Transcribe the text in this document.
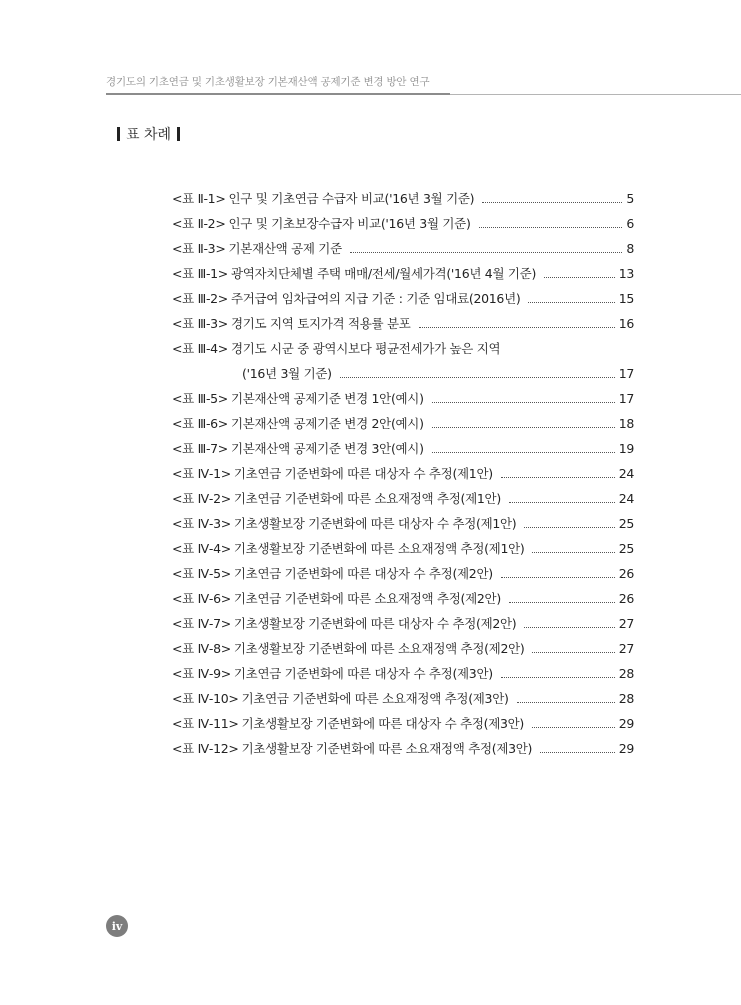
경기도의 기초연금 및 기초생활보장 기본재산액 공제기준 변경 방안 연구
표 차례
<표 Ⅱ-1> 인구 및 기초연금 수급자 비교('16년 3월 기준)	5
<표 Ⅱ-2> 인구 및 기초보장수급자 비교('16년 3월 기준)	6
<표 Ⅱ-3> 기본재산액 공제 기준	8
<표 Ⅲ-1> 광역자치단체별 주택 매매/전세/월세가격('16년 4월 기준)	13
<표 Ⅲ-2> 주거급여 임차급여의 지급 기준 : 기준 임대료(2016년)	15
<표 Ⅲ-3> 경기도 지역 토지가격 적용률 분포	16
<표 Ⅲ-4> 경기도 시군 중 광역시보다 평균전세가가 높은 지역
('16년 3월 기준)	17
<표 Ⅲ-5> 기본재산액 공제기준 변경 1안(예시)	17
<표 Ⅲ-6> 기본재산액 공제기준 변경 2안(예시)	18
<표 Ⅲ-7> 기본재산액 공제기준 변경 3안(예시)	19
<표 Ⅳ-1> 기초연금 기준변화에 따른 대상자 수 추정(제1안)	24
<표 Ⅳ-2> 기초연금 기준변화에 따른 소요재정액 추정(제1안)	24
<표 Ⅳ-3> 기초생활보장 기준변화에 따른 대상자 수 추정(제1안)	25
<표 Ⅳ-4> 기초생활보장 기준변화에 따른 소요재정액 추정(제1안)	25
<표 Ⅳ-5> 기초연금 기준변화에 따른 대상자 수 추정(제2안)	26
<표 Ⅳ-6> 기초연금 기준변화에 따른 소요재정액 추정(제2안)	26
<표 Ⅳ-7> 기초생활보장 기준변화에 따른 대상자 수 추정(제2안)	27
<표 Ⅳ-8> 기초생활보장 기준변화에 따른 소요재정액 추정(제2안)	27
<표 Ⅳ-9> 기초연금 기준변화에 따른 대상자 수 추정(제3안)	28
<표 Ⅳ-10> 기초연금 기준변화에 따른 소요재정액 추정(제3안)	28
<표 Ⅳ-11> 기초생활보장 기준변화에 따른 대상자 수 추정(제3안)	29
<표 Ⅳ-12> 기초생활보장 기준변화에 따른 소요재정액 추정(제3안)	29
iv
